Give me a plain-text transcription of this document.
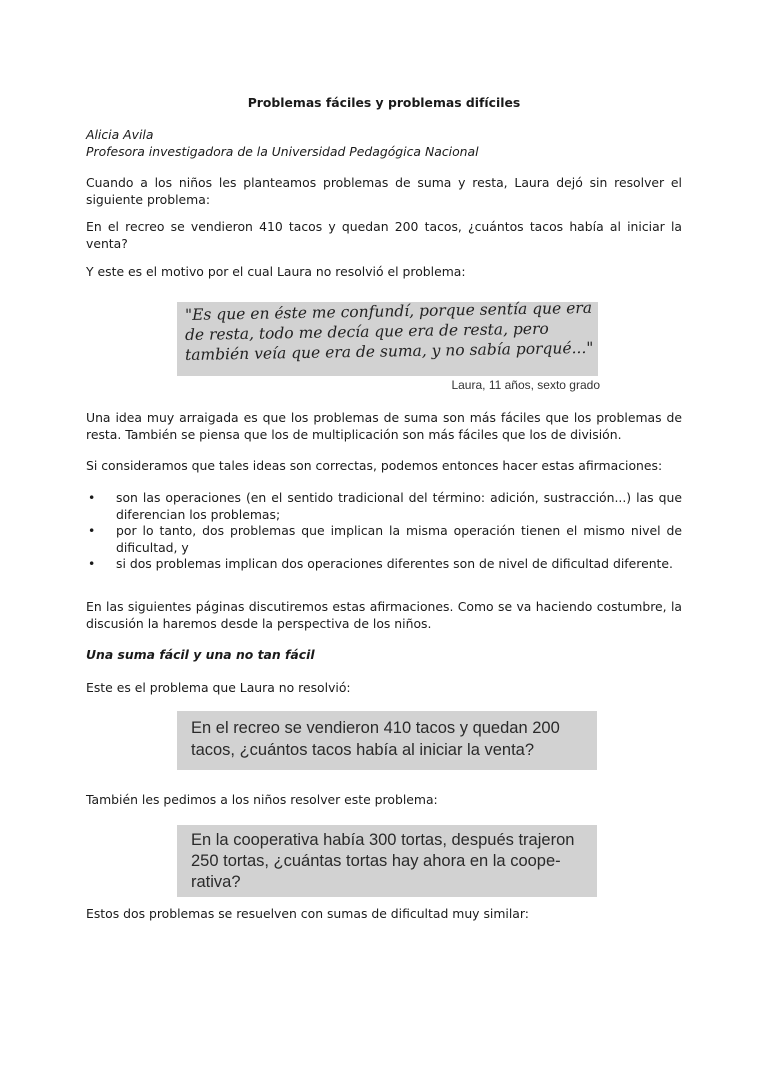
Problemas fáciles y problemas difíciles
Alicia Avila
Profesora investigadora de la Universidad Pedagógica Nacional

Cuando a los niños les planteamos problemas de suma y resta, Laura dejó sin resolver el siguiente problema:

En el recreo se vendieron 410 tacos y quedan 200 tacos, ¿cuántos tacos había al iniciar la venta?

Y este es el motivo por el cual Laura no resolvió el problema:

"Es que en éste me confundí, porque sentía que era
de resta, todo me decía que era de resta, pero
también veía que era de suma, y no sabía porqué..."
Laura, 11 años, sexto grado

Una idea muy arraigada es que los problemas de suma son más fáciles que los problemas de resta. También se piensa que los de multiplicación son más fáciles que los de división.

Si consideramos que tales ideas son correctas, podemos entonces hacer estas afirmaciones:

• son las operaciones (en el sentido tradicional del término: adición, sustracción...) las que diferencian los problemas;
• por lo tanto, dos problemas que implican la misma operación tienen el mismo nivel de dificultad, y
• si dos problemas implican dos operaciones diferentes son de nivel de dificultad diferente.

En las siguientes páginas discutiremos estas afirmaciones. Como se va haciendo costumbre, la discusión la haremos desde la perspectiva de los niños.

Una suma fácil y una no tan fácil

Este es el problema que Laura no resolvió:

En el recreo se vendieron 410 tacos y quedan 200
tacos, ¿cuántos tacos había al iniciar la venta?

También les pedimos a los niños resolver este problema:

En la cooperativa había 300 tortas, después trajeron
250 tortas, ¿cuántas tortas hay ahora en la coope-
rativa?

Estos dos problemas se resuelven con sumas de dificultad muy similar:
